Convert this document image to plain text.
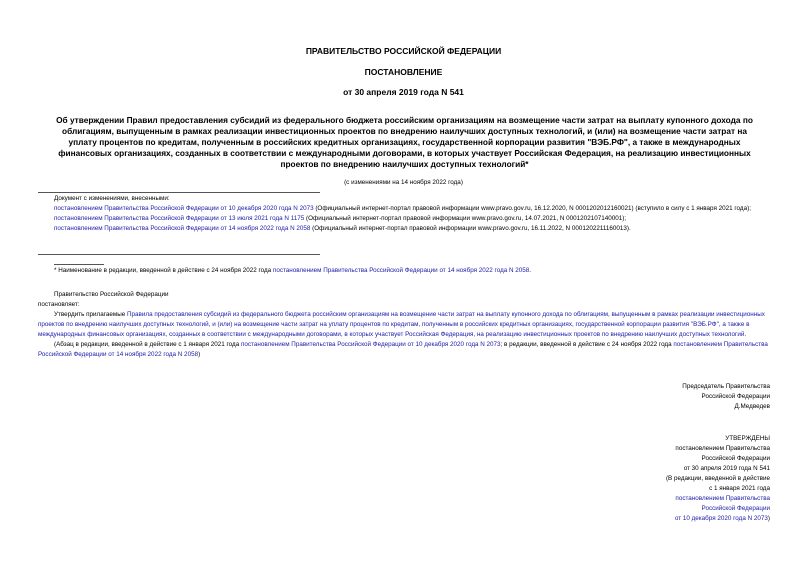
ПРАВИТЕЛЬСТВО РОССИЙСКОЙ ФЕДЕРАЦИИ
ПОСТАНОВЛЕНИЕ
от 30 апреля 2019 года N 541
Об утверждении Правил предоставления субсидий из федерального бюджета российским организациям на возмещение части затрат на выплату купонного дохода по облигациям, выпущенным в рамках реализации инвестиционных проектов по внедрению наилучших доступных технологий, и (или) на возмещение части затрат на уплату процентов по кредитам, полученным в российских кредитных организациях, государственной корпорации развития "ВЭБ.РФ", а также в международных финансовых организациях, созданных в соответствии с международными договорами, в которых участвует Российская Федерация, на реализацию инвестиционных проектов по внедрению наилучших доступных технологий*
(с изменениями на 14 ноября 2022 года)
Документ с изменениями, внесенными:
постановлением Правительства Российской Федерации от 10 декабря 2020 года N 2073 (Официальный интернет-портал правовой информации www.pravo.gov.ru, 16.12.2020, N 0001202012160021) (вступило в силу с 1 января 2021 года);
постановлением Правительства Российской Федерации от 13 июля 2021 года N 1175 (Официальный интернет-портал правовой информации www.pravo.gov.ru, 14.07.2021, N 0001202107140001);
постановлением Правительства Российской Федерации от 14 ноября 2022 года N 2058 (Официальный интернет-портал правовой информации www.pravo.gov.ru, 16.11.2022, N 0001202211160013).
* Наименование в редакции, введенной в действие с 24 ноября 2022 года постановлением Правительства Российской Федерации от 14 ноября 2022 года N 2058.
Правительство Российской Федерации
постановляет:
Утвердить прилагаемые Правила предоставления субсидий из федерального бюджета российским организациям на возмещение части затрат на выплату купонного дохода по облигациям, выпущенным в рамках реализации инвестиционных проектов по внедрению наилучших доступных технологий, и (или) на возмещение части затрат на уплату процентов по кредитам, полученным в российских кредитных организациях, государственной корпорации развития "ВЭБ.РФ", а также в международных финансовых организациях, созданных в соответствии с международными договорами, в которых участвует Российская Федерация, на реализацию инвестиционных проектов по внедрению наилучших доступных технологий.
(Абзац в редакции, введенной в действие с 1 января 2021 года постановлением Правительства Российской Федерации от 10 декабря 2020 года N 2073; в редакции, введенной в действие с 24 ноября 2022 года постановлением Правительства Российской Федерации от 14 ноября 2022 года N 2058)
Председатель Правительства
Российской Федерации
Д.Медведев
УТВЕРЖДЕНЫ
постановлением Правительства
Российской Федерации
от 30 апреля 2019 года N 541
(В редакции, введенной в действие
с 1 января 2021 года
постановлением Правительства
Российской Федерации
от 10 декабря 2020 года N 2073)
